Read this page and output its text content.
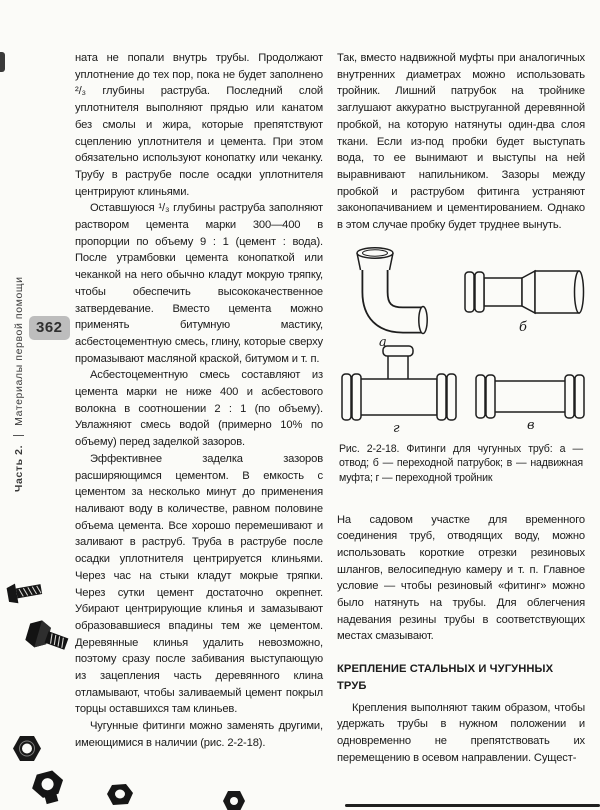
Часть 2.Материалы первой помощи 362

ната не попали внутрь трубы. Продолжают уплотнение до тех пор, пока не будет заполнено ²/₃ глубины раструба. Последний слой уплотнителя выполняют прядью или канатом без смолы и жира, которые препятствуют сцеплению уплотнителя и цемента. При этом обязательно используют конопатку или чеканку. Трубу в раструбе после осадки уплотнителя центрируют клиньями.

Оставшуюся ¹/₃ глубины раструба заполняют раствором цемента марки 300—400 в пропорции по объему 9 : 1 (цемент : вода). После утрамбовки цемента конопаткой или чеканкой на него обычно кладут мокрую тряпку, чтобы обеспечить высококачественное затвердевание. Вместо цемента можно применять битумную мастику, асбестоцементную смесь, глину, которые сверху промазывают масляной краской, битумом и т. п.

Асбестоцементную смесь составляют из цемента марки не ниже 400 и асбестового волокна в соотношении 2 : 1 (по объему). Увлажняют смесь водой (примерно 10% по объему) перед заделкой зазоров.

Эффективнее заделка зазоров расширяющимся цементом. В емкость с цементом за несколько минут до применения наливают воду в количестве, равном половине объема цемента. Все хорошо перемешивают и заливают в раструб. Труба в раструбе после осадки уплотнителя центрируется клиньями. Через час на стыки кладут мокрые тряпки. Через сутки цемент достаточно окрепнет. Убирают центрирующие клинья и замазывают образовавшиеся впадины тем же цементом. Деревянные клинья удалить невозможно, поэтому сразу после забивания выступающую из зацепления часть деревянного клина отламывают, чтобы заливаемый цемент покрыл торцы оставшихся там клиньев.

Чугунные фитинги можно заменять другими, имеющимися в наличии (рис. 2-2-18).

Так, вместо надвижной муфты при аналогичных внутренних диаметрах можно использовать тройник. Лишний патрубок на тройнике заглушают аккуратно выструганной деревянной пробкой, на которую натянуты один-два слоя ткани. Если из-под пробки будет выступать вода, то ее вынимают и выступы на ней выравнивают напильником. Зазоры между пробкой и раструбом фитинга устраняют законопачиванием и цементированием. Однако в этом случае пробку будет труднее вынуть.

а
б
г	в

Рис. 2-2-18. Фитинги для чугунных труб: а — отвод; б — переходной патрубок; в — надвижная муфта; г — переходной тройник

На садовом участке для временного соединения труб, отводящих воду, можно использовать короткие отрезки резиновых шлангов, велосипедную камеру и т. п. Главное условие — чтобы резиновый «фитинг» можно было натянуть на трубы. Для облегчения надевания резины трубы в соответствующих местах смазывают.

КРЕПЛЕНИЕ СТАЛЬНЫХ И ЧУГУННЫХ ТРУБ

Крепления выполняют таким образом, чтобы удержать трубы в нужном положении и одновременно не препятствовать их перемещению в осевом направлении. Сущест-
